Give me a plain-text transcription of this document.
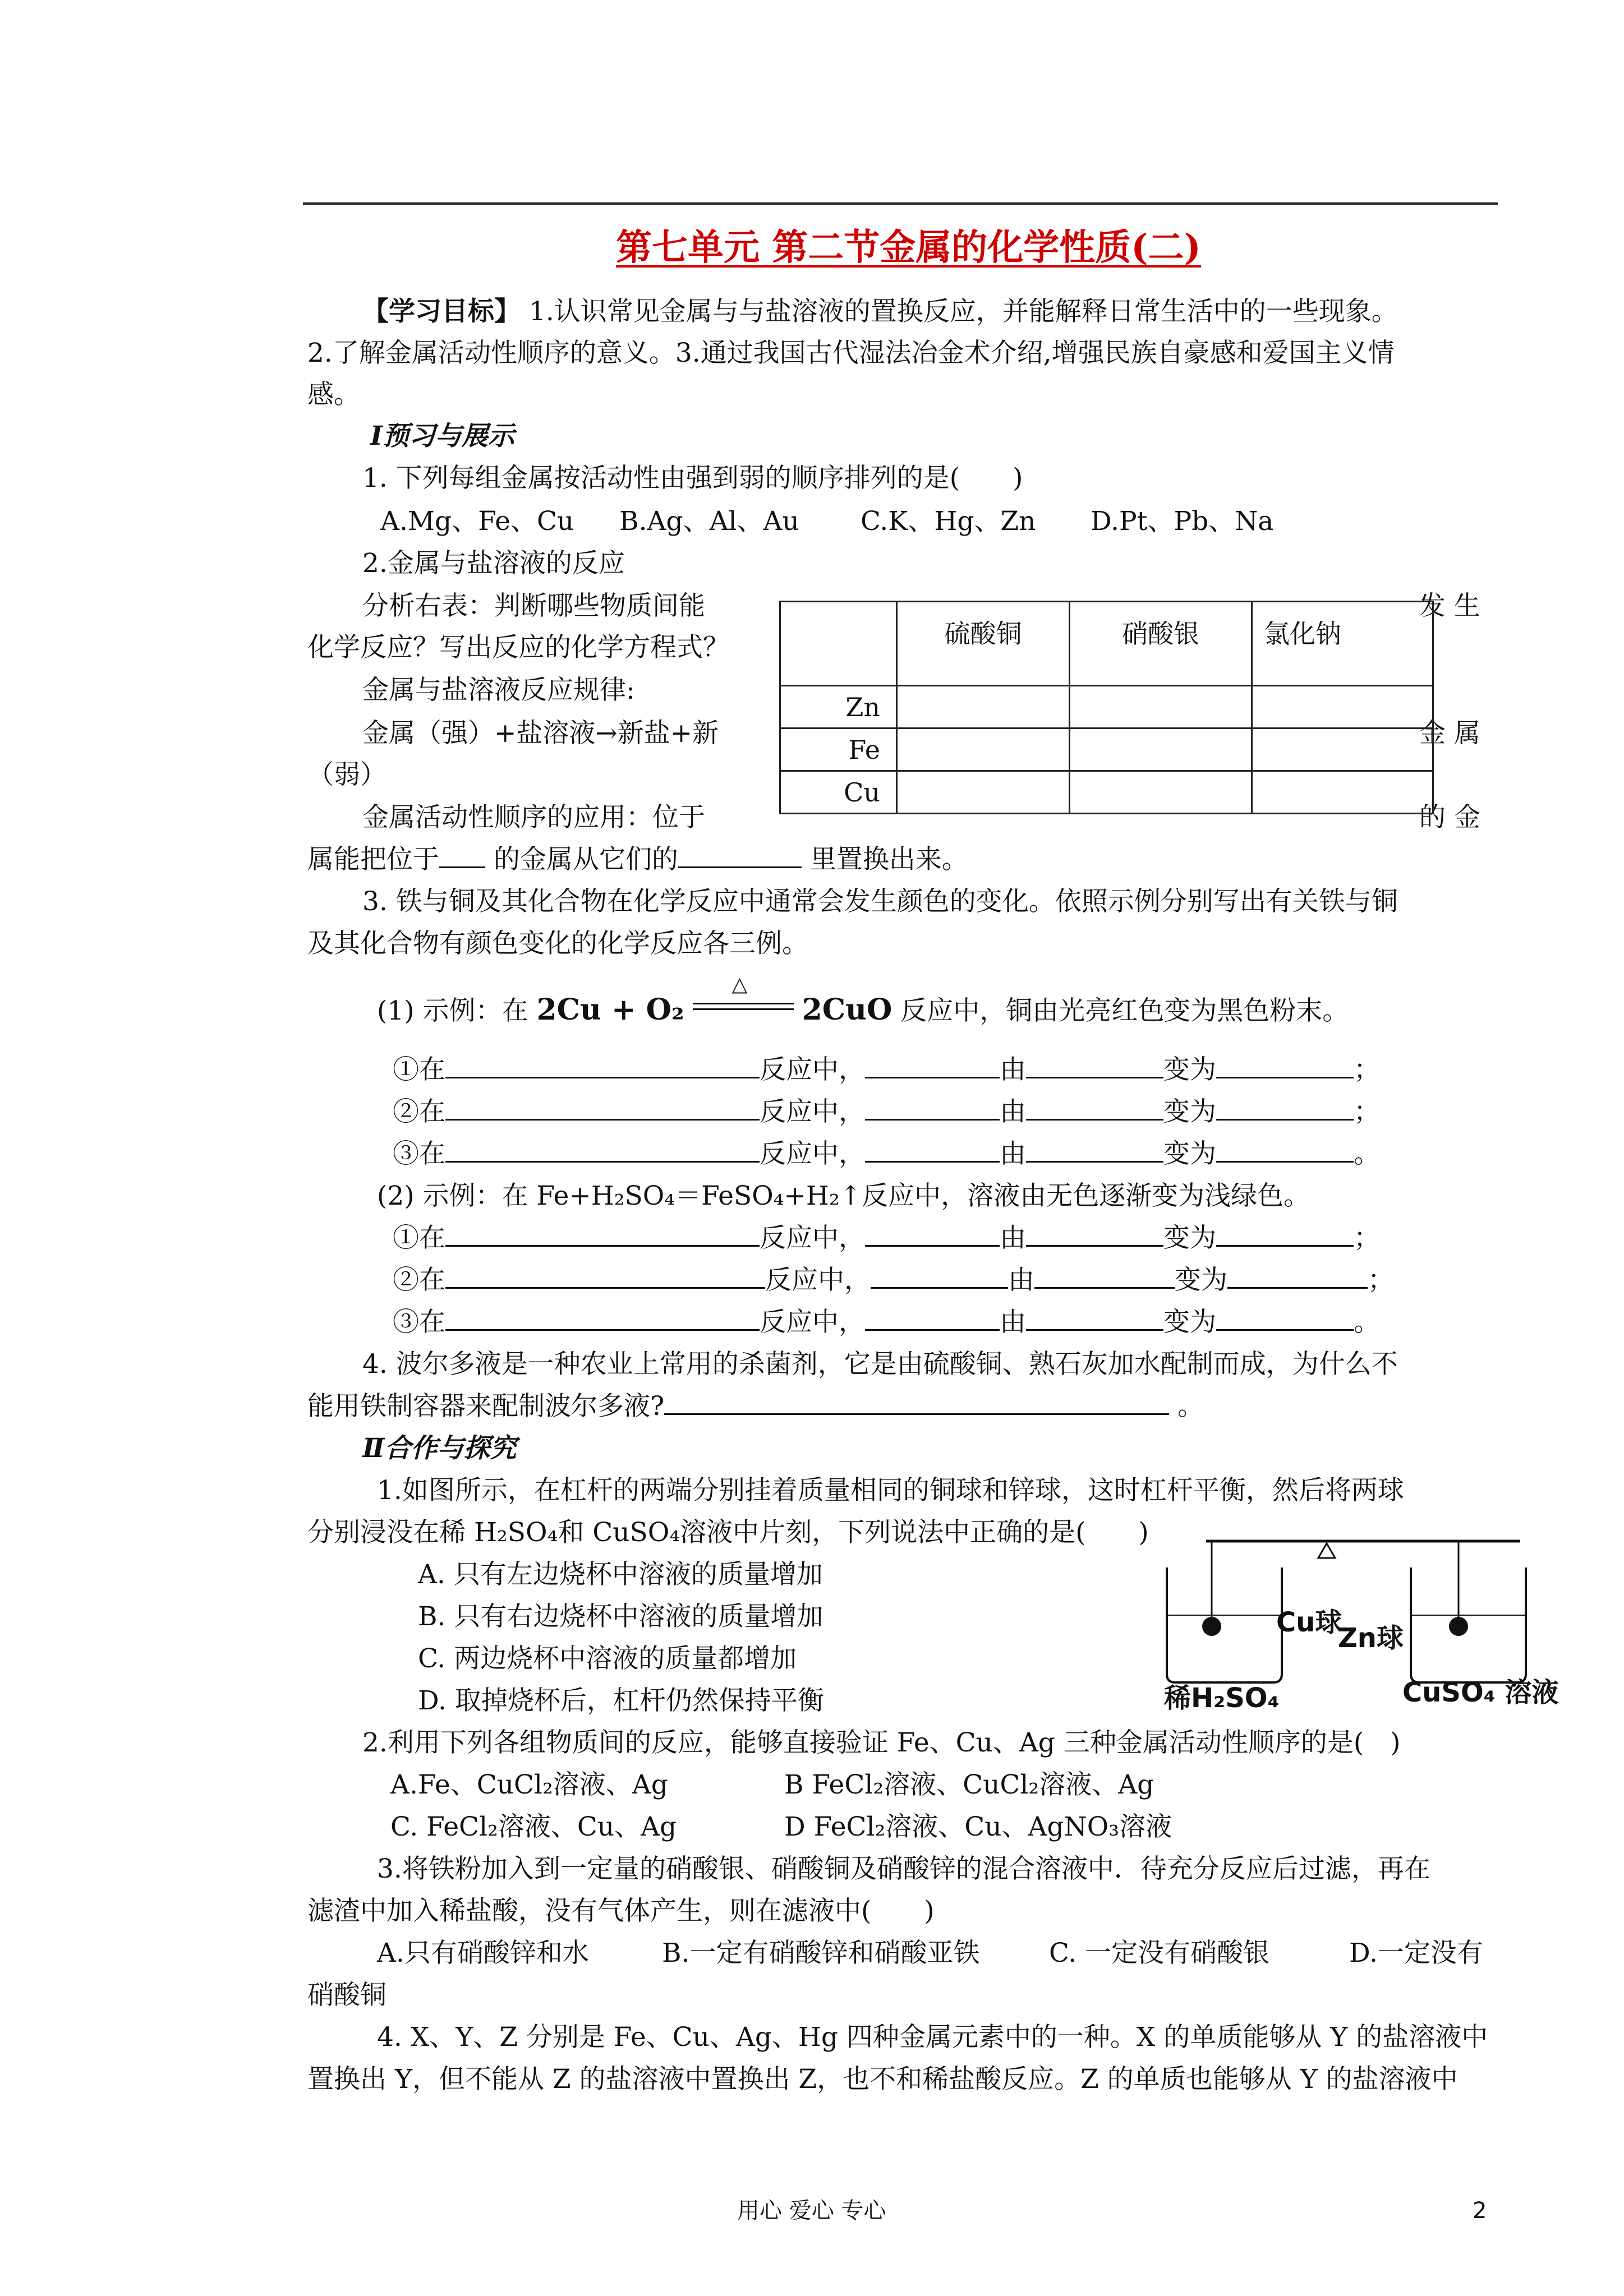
第七单元 第二节金属的化学性质(二)
【学习目标】 1.认识常见金属与与盐溶液的置换反应，并能解释日常生活中的一些现象。
2.了解金属活动性顺序的意义。3.通过我国古代湿法冶金术介绍,增强民族自豪感和爱国主义情
感。
Ⅰ预习与展示
1. 下列每组金属按活动性由强到弱的顺序排列的是(　　)
A.Mg、Fe、Cu B.Ag、Al、Au C.K、Hg、Zn D.Pt、Pb、Na
2.金属与盐溶液的反应
分析右表：判断哪些物质间能	发 生
化学反应？写出反应的化学方程式？
金属与盐溶液反应规律:
金属（强）+盐溶液→新盐+新	金 属
（弱）
金属活动性顺序的应用：位于	的 金
属能把位于 的金属从它们的	里置换出来。
	硫酸铜	硝酸银	氯化钠
Zn			
Fe			
Cu			
3. 铁与铜及其化合物在化学反应中通常会发生颜色的变化。依照示例分别写出有关铁与铜
及其化合物有颜色变化的化学反应各三例。
(1) 示例：在 2Cu + O₂
△
2CuO 反应中，铜由光亮红色变为黑色粉末。
①在	反应中，	由	变为	；
②在	反应中，	由	变为	；
③在	反应中，	由	变为	。
(2) 示例：在 Fe+H₂SO₄＝FeSO₄+H₂↑反应中，溶液由无色逐渐变为浅绿色。
①在	反应中，	由	变为	；
②在	反应中，	由	变为	；
③在	反应中，	由	变为	。
4. 波尔多液是一种农业上常用的杀菌剂，它是由硫酸铜、熟石灰加水配制而成，为什么不
能用铁制容器来配制波尔多液?	。
Ⅱ合作与探究
1.如图所示，在杠杆的两端分别挂着质量相同的铜球和锌球，这时杠杆平衡，然后将两球
分别浸没在稀 H₂SO₄和 CuSO₄溶液中片刻，下列说法中正确的是(　　)
A. 只有左边烧杯中溶液的质量增加
B. 只有右边烧杯中溶液的质量增加
C. 两边烧杯中溶液的质量都增加
D. 取掉烧杯后，杠杆仍然保持平衡
Cu球
Zn球
稀H₂SO₄	CuSO₄ 溶液
2.利用下列各组物质间的反应，能够直接验证 Fe、Cu、Ag 三种金属活动性顺序的是(　)
A.Fe、CuCl₂溶液、Ag	B FeCl₂溶液、CuCl₂溶液、Ag
C. FeCl₂溶液、Cu、Ag	D FeCl₂溶液、Cu、AgNO₃溶液
3.将铁粉加入到一定量的硝酸银、硝酸铜及硝酸锌的混合溶液中．待充分反应后过滤，再在
滤渣中加入稀盐酸，没有气体产生，则在滤液中(　　)
A.只有硝酸锌和水	B.一定有硝酸锌和硝酸亚铁	C. 一定没有硝酸银	D.一定没有
硝酸铜
4. X、Y、Z 分别是 Fe、Cu、Ag、Hg 四种金属元素中的一种。X 的单质能够从 Y 的盐溶液中
置换出 Y，但不能从 Z 的盐溶液中置换出 Z，也不和稀盐酸反应。Z 的单质也能够从 Y 的盐溶液中
用心 爱心 专心	2
